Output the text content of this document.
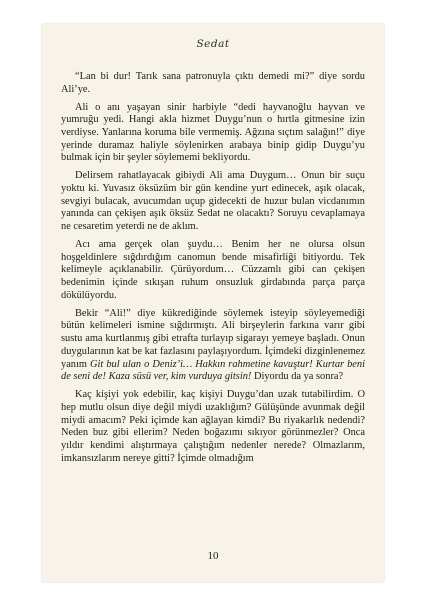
Sedat

“Lan bi dur! Tarık sana patronuyla çıktı demedi mi?” diye sordu Ali’ye.

Ali o anı yaşayan sinir harbiyle “dedi hayvanoğlu hayvan ve yumruğu yedi. Hangi akla hizmet Duygu’nun o hırtla gitmesine izin verdiyse. Yanlarına koruma bile vermemiş. Ağzına sıçtım salağın!” diye yerinde duramaz haliyle söylenirken arabaya binip gidip Duygu’yu bulmak için bir şeyler söylememi bekliyordu.

Delirsem rahatlayacak gibiydi Ali ama Duygum… Onun bir suçu yoktu ki. Yuvasız öksüzüm bir gün kendine yurt edinecek, aşık olacak, sevgiyi bulacak, avucumdan uçup gidecekti de huzur bulan vicdanımın yanında can çekişen aşık öksüz Sedat ne olacaktı? Soruyu cevaplamaya ne cesaretim yeterdi ne de aklım.

Acı ama gerçek olan şuydu… Benim her ne olursa olsun hoşgeldinlere sığdırdığım canomun bende misafirliği bitiyordu. Tek kelimeyle açıklanabilir. Çürüyordum… Cüzzamlı gibi can çekişen bedenimin içinde sıkışan ruhum onsuzluk girdabında parça parça dökülüyordu.

Bekir “Ali!” diye kükrediğinde söylemek isteyip söyleyemediği bütün kelimeleri ismine sığdırmıştı. Ali birşeylerin farkına varır gibi sustu ama kurtlanmış gibi etrafta turlayıp sigarayı yemeye başladı. Onun duygularının kat be kat fazlasını paylaşıyordum. İçimdeki dizginlenemez yanım Git bul ulan o Deniz’i… Hakkın rahmetine kavuştur! Kurtar beni de seni de! Kaza süsü ver, kim vurduya gitsin! Diyordu da ya sonra?

Kaç kişiyi yok edebilir, kaç kişiyi Duygu’dan uzak tutabilirdim. O hep mutlu olsun diye değil miydi uzaklığım? Gülüşünde avunmak değil miydi amacım? Peki içimde kan ağlayan kimdi? Bu riyakarlık nedendi? Neden buz gibi ellerim? Neden boğazımı sıkıyor görünmezler? Onca yıldır kendimi alıştırmaya çalıştığım nedenler nerede? Olmazlarım, imkansızlarım nereye gitti? İçimde olmadığım

10
